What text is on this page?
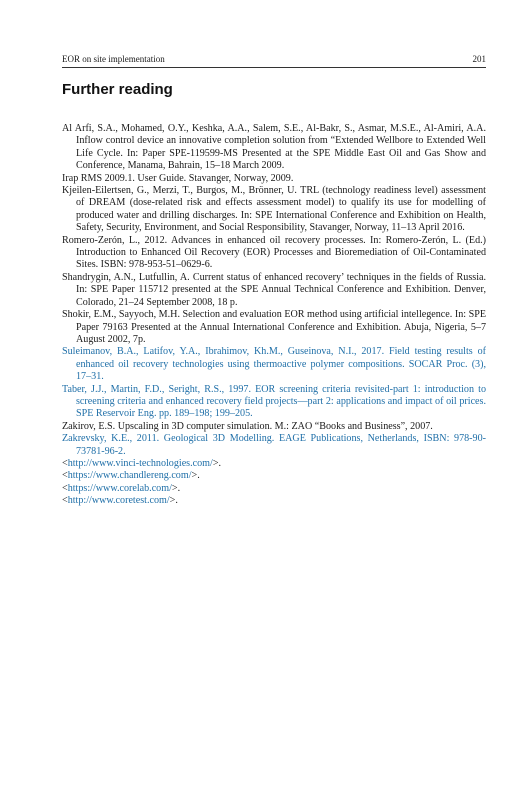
EOR on site implementation	201
Further reading

Al Arfi, S.A., Mohamed, O.Y., Keshka, A.A., Salem, S.E., Al-Bakr, S., Asmar, M.S.E., Al-Amiri, A.A. Inflow control device an innovative completion solution from “Extended Wellbore to Extended Well Life Cycle. In: Paper SPE-119599-MS Presented at the SPE Middle East Oil and Gas Show and Conference, Manama, Bahrain, 15–18 March 2009.

Irap RMS 2009.1. User Guide. Stavanger, Norway, 2009.

Kjeilen-Eilertsen, G., Merzi, T., Burgos, M., Brönner, U. TRL (technology readiness level) assessment of DREAM (dose-related risk and effects assessment model) to qualify its use for modelling of produced water and drilling discharges. In: SPE International Conference and Exhibition on Health, Safety, Security, Environment, and Social Responsibility, Stavanger, Norway, 11–13 April 2016.

Romero-Zerón, L., 2012. Advances in enhanced oil recovery processes. In: Romero-Zerón, L. (Ed.) Introduction to Enhanced Oil Recovery (EOR) Processes and Bioremediation of Oil-Contaminated Sites. ISBN: 978-953-51–0629-6.

Shandrygin, A.N., Lutfullin, A. Current status of enhanced recovery’ techniques in the fields of Russia. In: SPE Paper 115712 presented at the SPE Annual Technical Conference and Exhibition. Denver, Colorado, 21–24 September 2008, 18 p.

Shokir, E.M., Sayyoch, M.H. Selection and evaluation EOR method using artificial intellegence. In: SPE Paper 79163 Presented at the Annual International Conference and Exhibition. Abuja, Nigeria, 5–7 August 2002, 7p.

Suleimanov, B.A., Latifov, Y.A., Ibrahimov, Kh.M., Guseinova, N.I., 2017. Field testing results of enhanced oil recovery technologies using thermoactive polymer compositions. SOCAR Proc. (3), 17–31.

Taber, J.J., Martin, F.D., Seright, R.S., 1997. EOR screening criteria revisited-part 1: introduction to screening criteria and enhanced recovery field projects—part 2: applications and impact of oil prices. SPE Reservoir Eng. pp. 189–198; 199–205.

Zakirov, E.S. Upscaling in 3D computer simulation. M.: ZAO “Books and Business”, 2007.

Zakrevsky, K.E., 2011. Geological 3D Modelling. EAGE Publications, Netherlands, ISBN: 978-90-73781-96-2.

<http://www.vinci-technologies.com/>.

<https://www.chandlereng.com/>.

<https://www.corelab.com/>.

<http://www.coretest.com/>.
